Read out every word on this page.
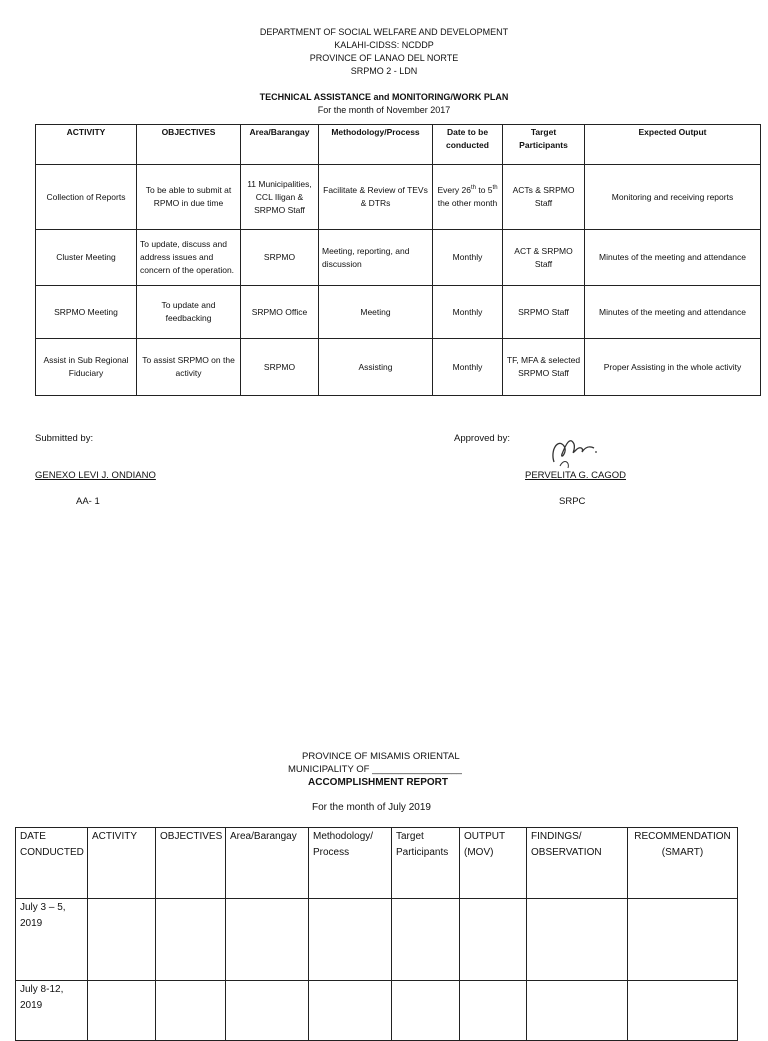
DEPARTMENT OF SOCIAL WELFARE AND DEVELOPMENT
KALAHI-CIDSS: NCDDP
PROVINCE OF LANAO DEL NORTE
SRPMO 2 - LDN
TECHNICAL ASSISTANCE and MONITORING/WORK PLAN
For the month of November 2017
ACTIVITY	OBJECTIVES	Area/Barangay	Methodology/Process	Date to be conducted	Target Participants	Expected Output
Collection of Reports	To be able to submit at RPMO in due time	11 Municipalities, CCL Iligan & SRPMO Staff	Facilitate & Review of TEVs & DTRs	Every 26th to 5th the other month	ACTs & SRPMO Staff	Monitoring and receiving reports
Cluster Meeting	To update, discuss and address issues and concern of the operation.	SRPMO	Meeting, reporting, and discussion	Monthly	ACT & SRPMO Staff	Minutes of the meeting and attendance
SRPMO Meeting	To update and feedbacking	SRPMO Office	Meeting	Monthly	SRPMO Staff	Minutes of the meeting and attendance
Assist in Sub Regional Fiduciary	To assist SRPMO on the activity	SRPMO	Assisting	Monthly	TF, MFA & selected SRPMO Staff	Proper Assisting in the whole activity
Submitted by:
GENEXO LEVI J. ONDIANO
AA- 1
Approved by:
PERVELITA G. CAGOD
SRPC
PROVINCE OF MISAMIS ORIENTAL
MUNICIPALITY OF _________________
ACCOMPLISHMENT REPORT
For the month of July 2019
DATE CONDUCTED	ACTIVITY	OBJECTIVES	Area/Barangay	Methodology/ Process	Target Participants	OUTPUT (MOV)	FINDINGS/ OBSERVATION	RECOMMENDATION (SMART)
July 3 – 5, 2019								
July 8-12, 2019								
